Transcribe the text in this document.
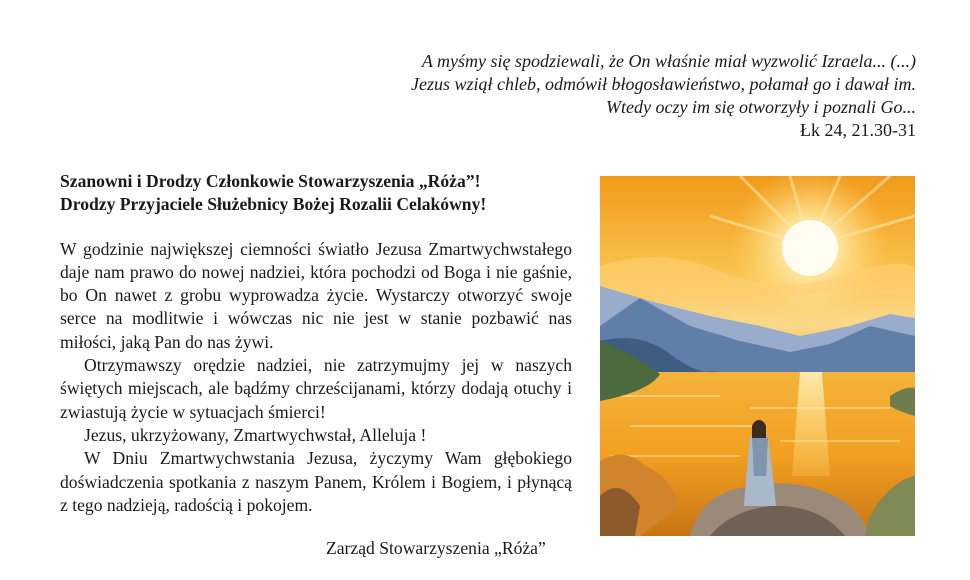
A myśmy się spodziewali, że On właśnie miał wyzwolić Izraela... (...)
Jezus wziął chleb, odmówił błogosławieństwo, połamał go i dawał im.
Wtedy oczy im się otworzyły i poznali Go...
Łk 24, 21.30-31
Szanowni i Drodzy Członkowie Stowarzyszenia „Róża”!
Drodzy Przyjaciele Służebnicy Bożej Rozalii Celakówny!

W godzinie największej ciemności światło Jezusa Zmartwychwstałego daje nam prawo do nowej nadziei, która pochodzi od Boga i nie gaśnie, bo On nawet z grobu wyprowadza życie. Wystarczy otworzyć swoje serce na modlitwie i wówczas nic nie jest w stanie pozbawić nas miłości, jaką Pan do nas żywi.

Otrzymawszy orędzie nadziei, nie zatrzymujmy jej w naszych świętych miejscach, ale bądźmy chrześcijanami, którzy dodają otuchy i zwiastują życie w sytuacjach śmierci!

Jezus, ukrzyżowany, Zmartwychwstał, Alleluja !

W Dniu Zmartwychwstania Jezusa, życzymy Wam głębokiego doświadczenia spotkania z naszym Panem, Królem i Bogiem, i płynącą z tego nadzieją, radością i pokojem.

Zarząd Stowarzyszenia „Róża”
